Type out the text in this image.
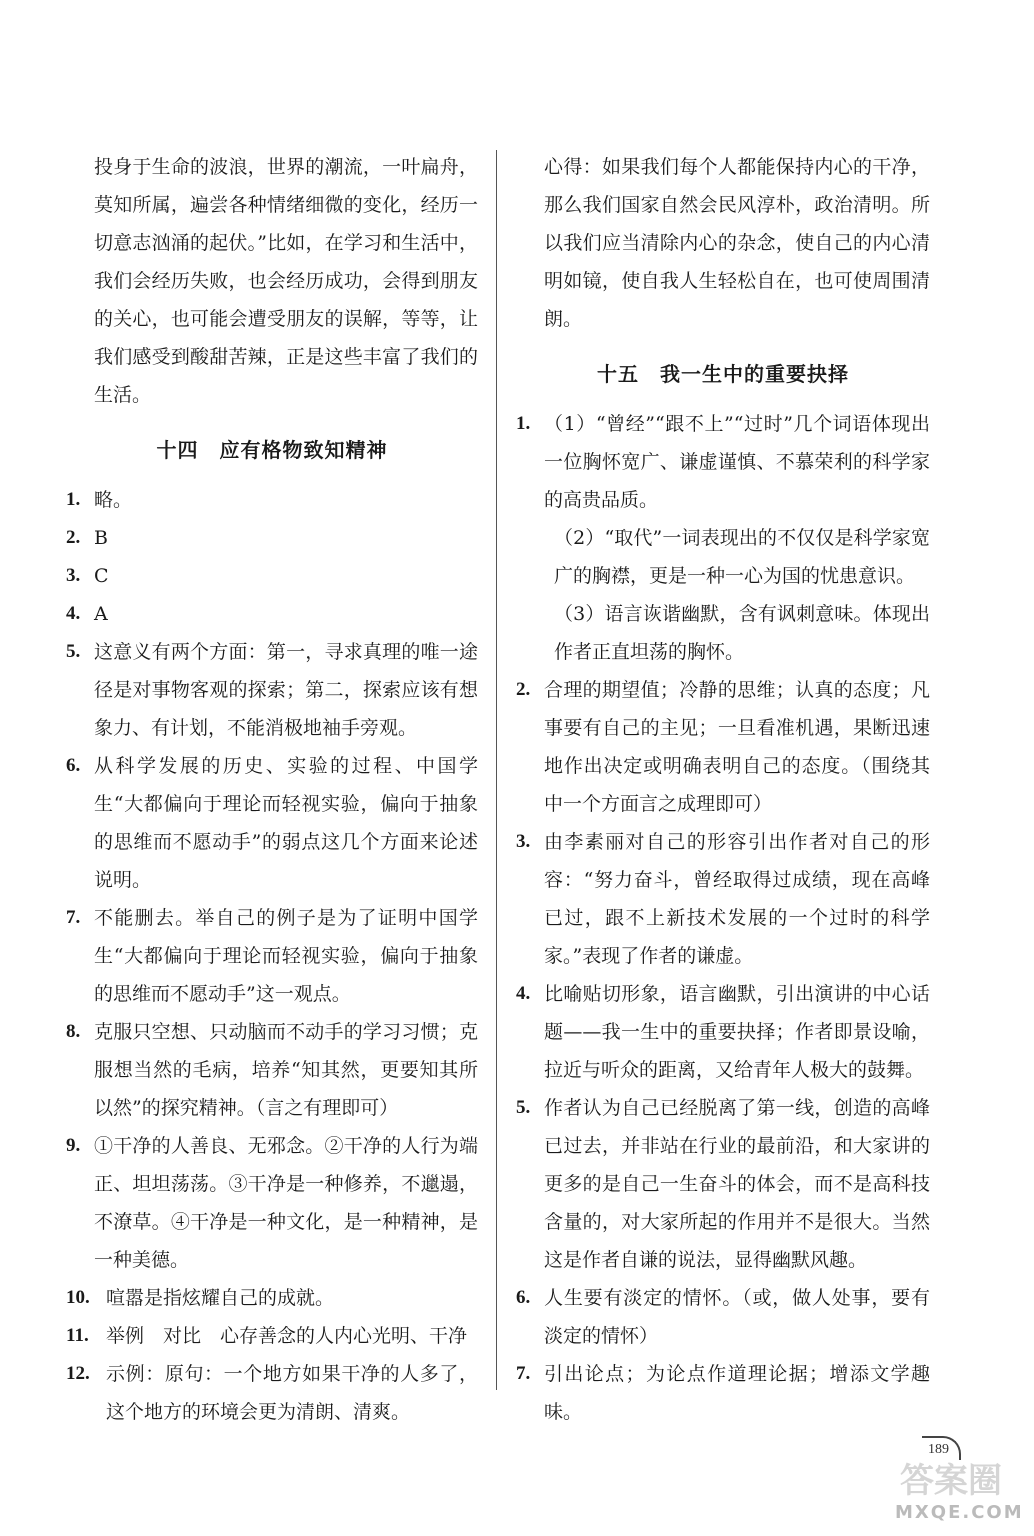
投身于生命的波浪，世界的潮流，一叶扁舟，莫知所属，遍尝各种情绪细微的变化，经历一切意志汹涌的起伏。”比如，在学习和生活中，我们会经历失败，也会经历成功，会得到朋友的关心，也可能会遭受朋友的误解，等等，让我们感受到酸甜苦辣，正是这些丰富了我们的生活。

十四　应有格物致知精神
1. 略。
2. B
3. C
4. A
5. 这意义有两个方面：第一，寻求真理的唯一途径是对事物客观的探索；第二，探索应该有想象力、有计划，不能消极地袖手旁观。
6. 从科学发展的历史、实验的过程、中国学生“大都偏向于理论而轻视实验，偏向于抽象的思维而不愿动手”的弱点这几个方面来论述说明。
7. 不能删去。举自己的例子是为了证明中国学生“大都偏向于理论而轻视实验，偏向于抽象的思维而不愿动手”这一观点。
8. 克服只空想、只动脑而不动手的学习习惯；克服想当然的毛病，培养“知其然，更要知其所以然”的探究精神。（言之有理即可）
9. ①干净的人善良、无邪念。②干净的人行为端正、坦坦荡荡。③干净是一种修养，不邋遢，不潦草。④干净是一种文化，是一种精神，是一种美德。
10. 喧嚣是指炫耀自己的成就。
11. 举例　对比　心存善念的人内心光明、干净
12. 示例：原句：一个地方如果干净的人多了，这个地方的环境会更为清朗、清爽。

心得：如果我们每个人都能保持内心的干净，那么我们国家自然会民风淳朴，政治清明。所以我们应当清除内心的杂念，使自己的内心清明如镜，使自我人生轻松自在，也可使周围清朗。

十五　我一生中的重要抉择
1. （1）“曾经”“跟不上”“过时”几个词语体现出一位胸怀宽广、谦虚谨慎、不慕荣利的科学家的高贵品质。

（2）“取代”一词表现出的不仅仅是科学家宽广的胸襟，更是一种一心为国的忧患意识。

（3）语言诙谐幽默，含有讽刺意味。体现出作者正直坦荡的胸怀。

2. 合理的期望值；冷静的思维；认真的态度；凡事要有自己的主见；一旦看准机遇，果断迅速地作出决定或明确表明自己的态度。（围绕其中一个方面言之成理即可）
3. 由李素丽对自己的形容引出作者对自己的形容：“努力奋斗，曾经取得过成绩，现在高峰已过，跟不上新技术发展的一个过时的科学家。”表现了作者的谦虚。
4. 比喻贴切形象，语言幽默，引出演讲的中心话题——我一生中的重要抉择；作者即景设喻，拉近与听众的距离，又给青年人极大的鼓舞。
5. 作者认为自己已经脱离了第一线，创造的高峰已过去，并非站在行业的最前沿，和大家讲的更多的是自己一生奋斗的体会，而不是高科技含量的，对大家所起的作用并不是很大。当然这是作者自谦的说法，显得幽默风趣。
6. 人生要有淡定的情怀。（或，做人处事，要有淡定的情怀）
7. 引出论点；为论点作道理论据；增添文学趣味。
189
答案圈
MXQE.COM
